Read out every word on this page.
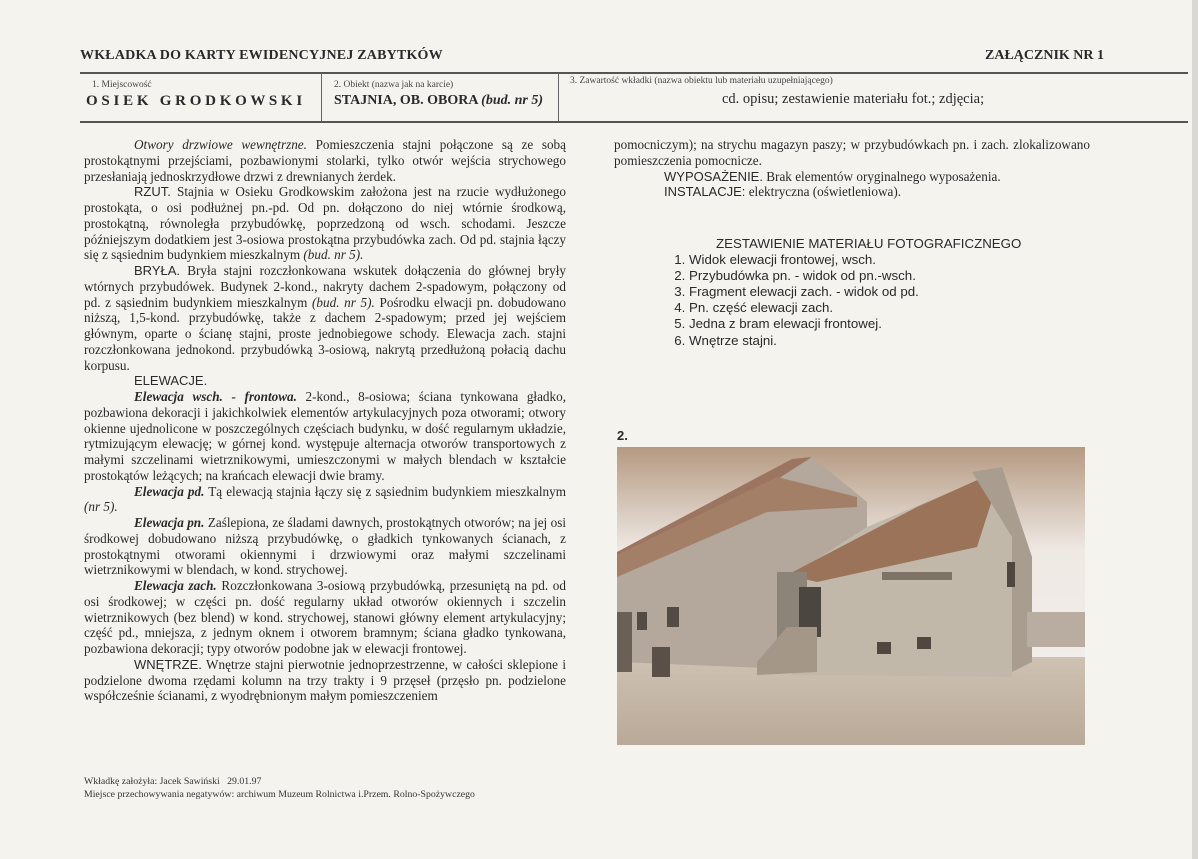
WKŁADKA DO KARTY EWIDENCYJNEJ ZABYTKÓW	ZAŁĄCZNIK NR 1
1. Miejscowość
O S I E K   G R O D K O W S K I
2. Obiekt (nazwa jak na karcie)
STAJNIA, OB. OBORA (bud. nr 5)
3. Zawartość wkładki (nazwa obiektu lub materiału uzupełniającego)
cd. opisu; zestawienie materiału fot.; zdjęcia;

Otwory drzwiowe wewnętrzne. Pomieszczenia stajni połączone są ze sobą prostokątnymi przejściami, pozbawionymi stolarki, tylko otwór wejścia strychowego przesłaniają jednoskrzydłowe drzwi z drewnianych żerdek.

RZUT. Stajnia w Osieku Grodkowskim założona jest na rzucie wydłużonego prostokąta, o osi podłużnej pn.-pd. Od pn. dołączono do niej wtórnie środkową, prostokątną, równoległa przybudówkę, poprzedzoną od wsch. schodami. Jeszcze późniejszym dodatkiem jest 3-osiowa prostokątna przybudówka zach. Od pd. stajnia łączy się z sąsiednim budynkiem mieszkalnym (bud. nr 5).

BRYŁA. Bryła stajni rozczłonkowana wskutek dołączenia do głównej bryły wtórnych przybudówek. Budynek 2-kond., nakryty dachem 2-spadowym, połączony od pd. z sąsiednim budynkiem mieszkalnym (bud. nr 5). Pośrodku elwacji pn. dobudowano niższą, 1,5-kond. przybudówkę, także z dachem 2-spadowym; przed jej wejściem głównym, oparte o ścianę stajni, proste jednobiegowe schody. Elewacja zach. stajni rozczłonkowana jednokond. przybudówką 3-osiową, nakrytą przedłużoną połacią dachu korpusu.

ELEWACJE.

Elewacja wsch. - frontowa. 2-kond., 8-osiowa; ściana tynkowana gładko, pozbawiona dekoracji i jakichkolwiek elementów artykulacyjnych poza otworami; otwory okienne ujednolicone w poszczególnych częściach budynku, w dość regularnym układzie, rytmizującym elewację; w górnej kond. występuje alternacja otworów transportowych z małymi szczelinami wietrznikowymi, umieszczonymi w małych blendach w kształcie prostokątów leżących; na krańcach elewacji dwie bramy.

Elewacja pd. Tą elewacją stajnia łączy się z sąsiednim budynkiem mieszkalnym (nr 5).

Elewacja pn. Zaślepiona, ze śladami dawnych, prostokątnych otworów; na jej osi środkowej dobudowano niższą przybudówkę, o gładkich tynkowanych ścianach, z prostokątnymi otworami okiennymi i drzwiowymi oraz małymi szczelinami wietrznikowymi w blendach, w kond. strychowej.

Elewacja zach. Rozczłonkowana 3-osiową przybudówką, przesuniętą na pd. od osi środkowej; w części pn. dość regularny układ otworów okiennych i szczelin wietrznikowych (bez blend) w kond. strychowej, stanowi główny element artykulacyjny; część pd., mniejsza, z jednym oknem i otworem bramnym; ściana gładko tynkowana, pozbawiona dekoracji; typy otworów podobne jak w elewacji frontowej.

WNĘTRZE. Wnętrze stajni pierwotnie jednoprzestrzenne, w całości sklepione i podzielone dwoma rzędami kolumn na trzy trakty i 9 przęseł (przęsło pn. podzielone współcześnie ścianami, z wyodrębnionym małym pomieszczeniem

pomocniczym); na strychu magazyn paszy; w przybudówkach pn. i zach. zlokalizowano pomieszczenia pomocnicze.

WYPOSAŻENIE. Brak elementów oryginalnego wyposażenia.

INSTALACJE: elektryczna (oświetleniowa).

ZESTAWIENIE MATERIAŁU FOTOGRAFICZNEGO
1. Widok elewacji frontowej, wsch.
2. Przybudówka pn. - widok od pn.-wsch.
3. Fragment elewacji zach. - widok od pd.
4. Pn. część elewacji zach.
5. Jedna z bram elewacji frontowej.
6. Wnętrze stajni.
2.
Wkładkę założyła: Jacek Sawiński   29.01.97
Miejsce przechowywania negatywów: archiwum Muzeum Rolnictwa i.Przem. Rolno-Spożywczego
